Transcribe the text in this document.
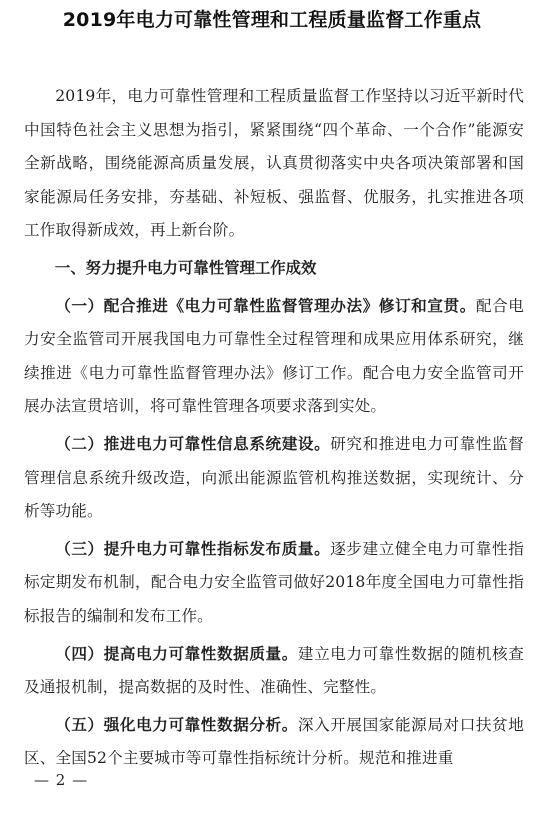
2019年电力可靠性管理和工程质量监督工作重点

2019年，电力可靠性管理和工程质量监督工作坚持以习近平新时代中国特色社会主义思想为指引，紧紧围绕“四个革命、一个合作”能源安全新战略，围绕能源高质量发展，认真贯彻落实中央各项决策部署和国家能源局任务安排，夯基础、补短板、强监督、优服务，扎实推进各项工作取得新成效，再上新台阶。

一、努力提升电力可靠性管理工作成效

（一）配合推进《电力可靠性监督管理办法》修订和宣贯。配合电力安全监管司开展我国电力可靠性全过程管理和成果应用体系研究，继续推进《电力可靠性监督管理办法》修订工作。配合电力安全监管司开展办法宣贯培训，将可靠性管理各项要求落到实处。

（二）推进电力可靠性信息系统建设。研究和推进电力可靠性监督管理信息系统升级改造，向派出能源监管机构推送数据，实现统计、分析等功能。

（三）提升电力可靠性指标发布质量。逐步建立健全电力可靠性指标定期发布机制，配合电力安全监管司做好2018年度全国电力可靠性指标报告的编制和发布工作。

（四）提高电力可靠性数据质量。建立电力可靠性数据的随机核查及通报机制，提高数据的及时性、准确性、完整性。

（五）强化电力可靠性数据分析。深入开展国家能源局对口扶贫地区、全国52个主要城市等可靠性指标统计分析。规范和推进重

— 2 —
